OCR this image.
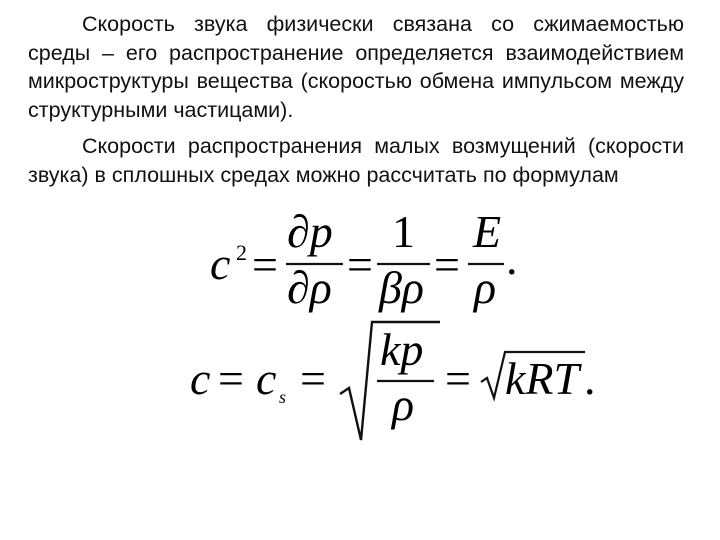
Скорость звука физически связана со сжимаемостью среды – его распространение определяется взаимодействием микроструктуры вещества (скоростью обмена импульсом между структурными частицами).

Скорости распространения малых возмущений (скорости звука) в сплошных средах можно рассчитать по формулам

c 2 =
∂p
∂ρ =
1
βρ =
E
ρ
.
c = c s =
kp
ρ
= kRT .
